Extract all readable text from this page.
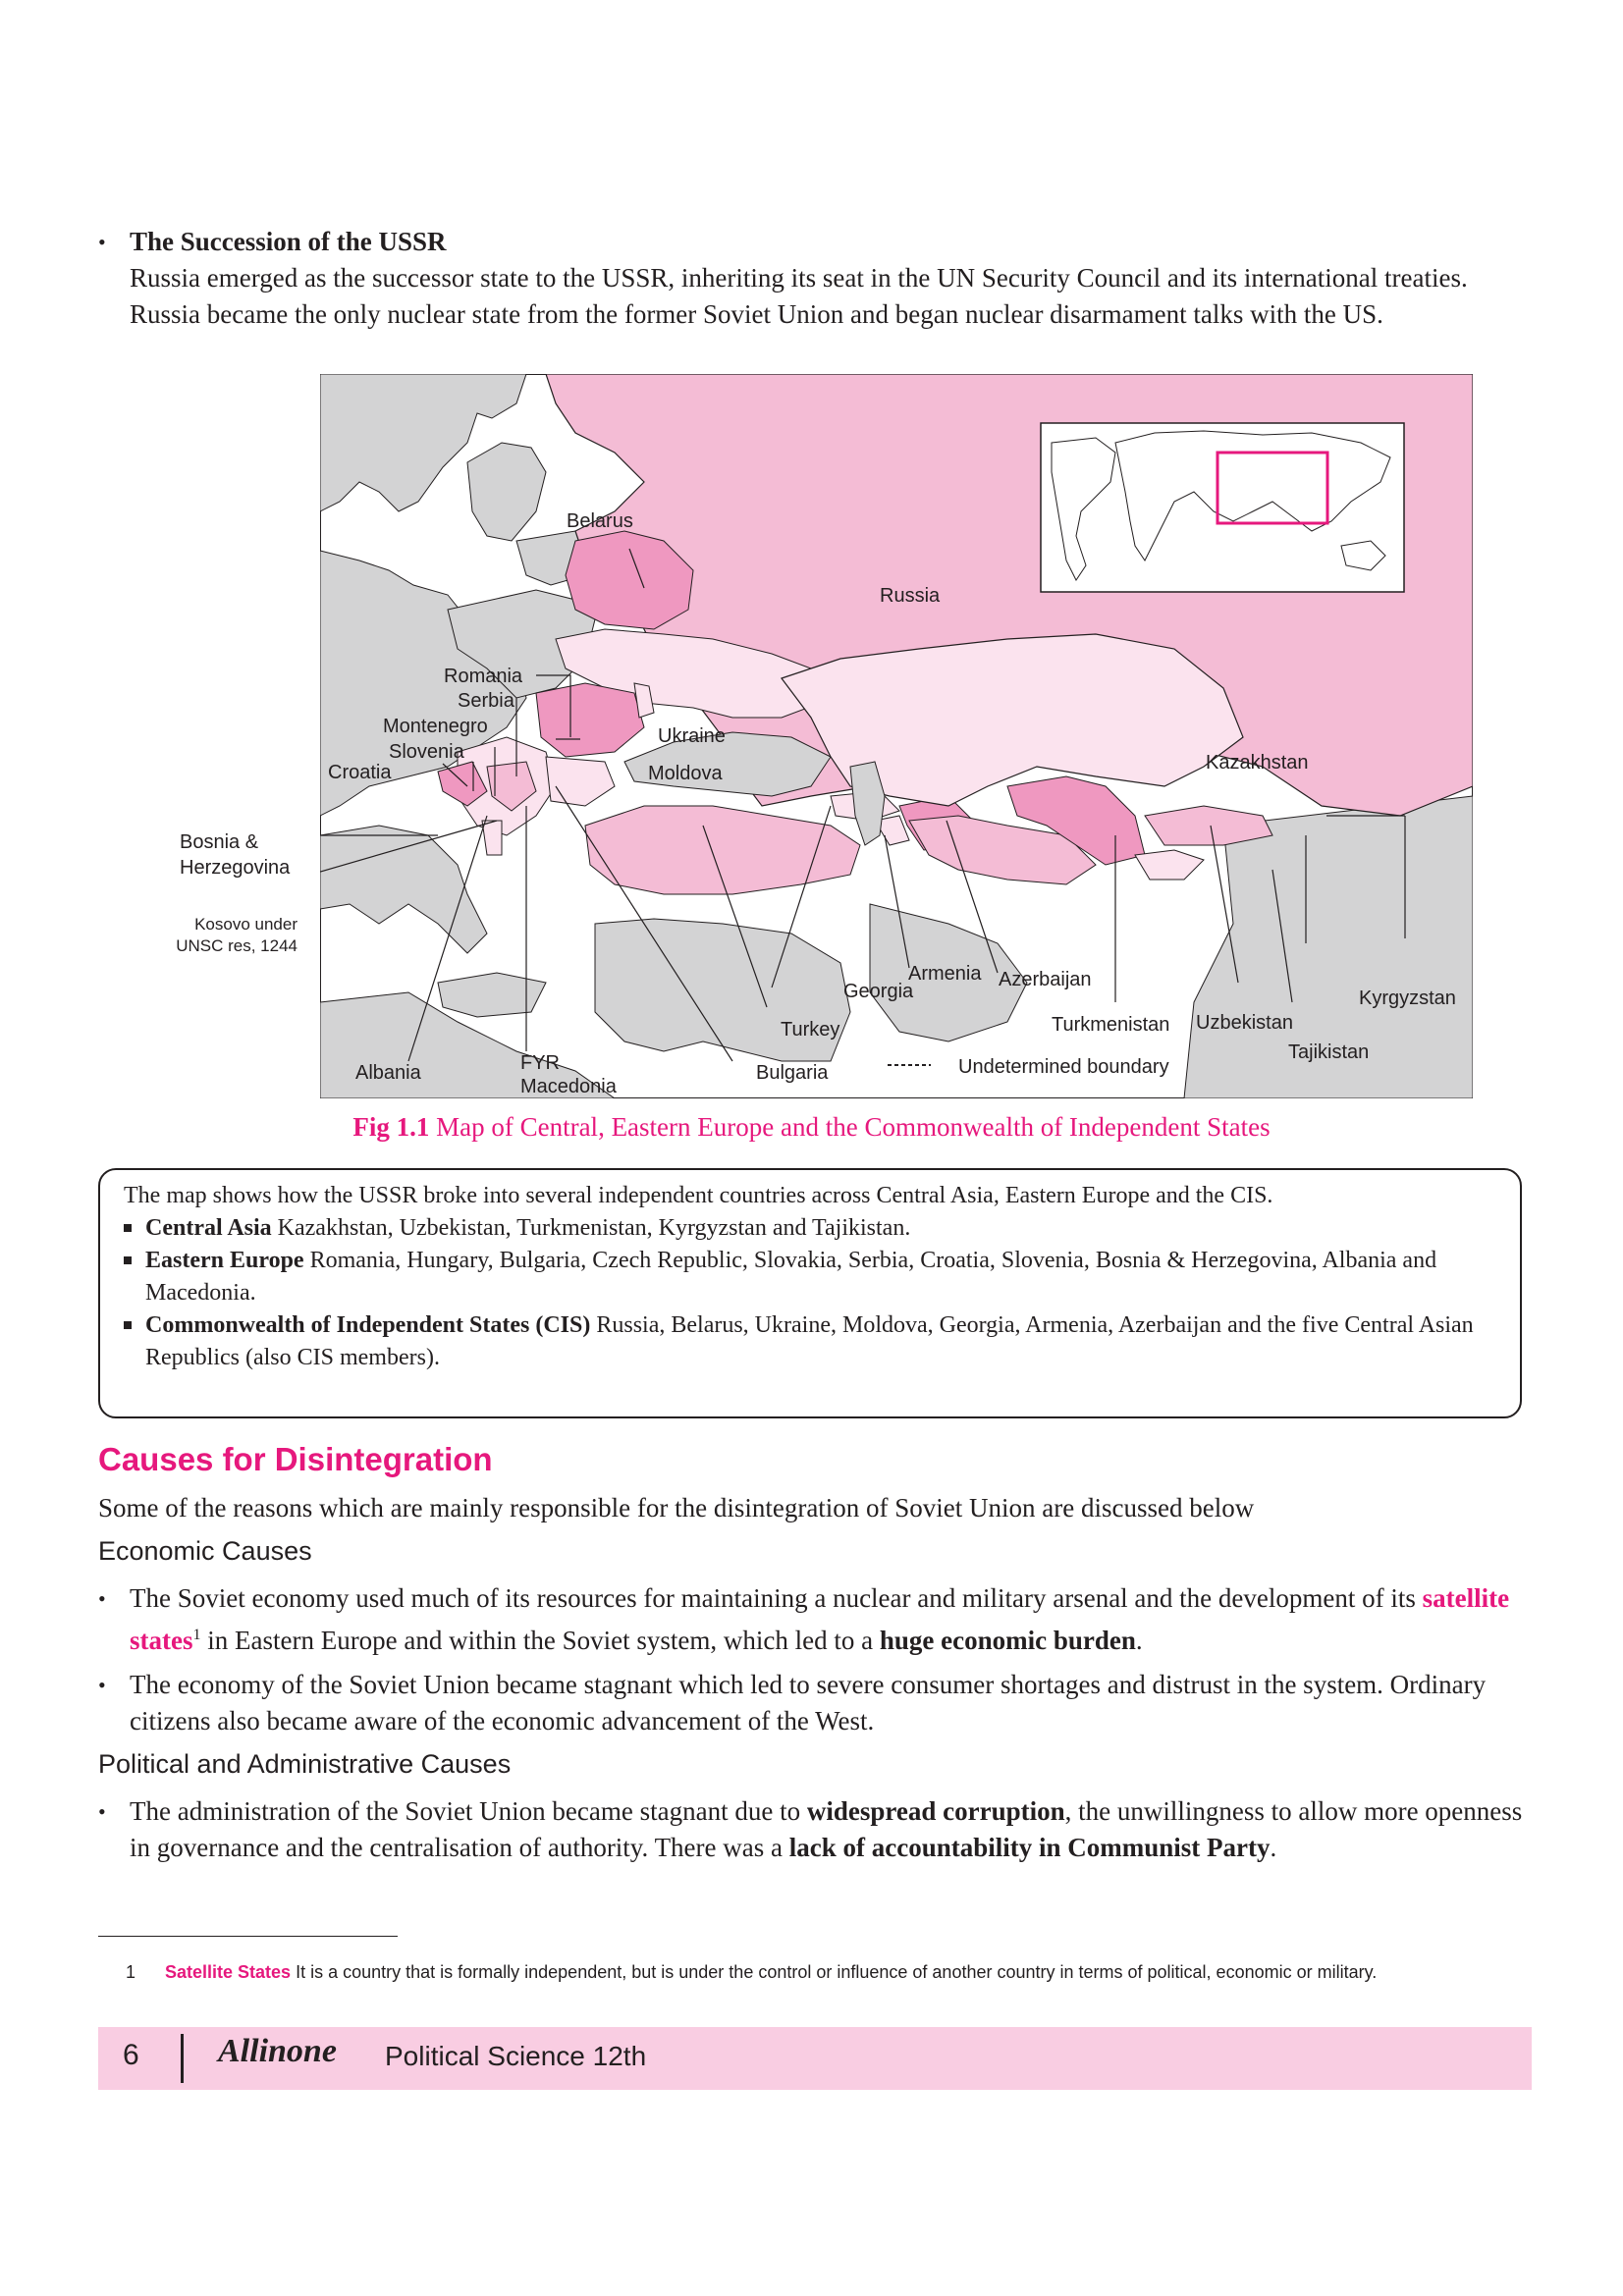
• The Succession of the USSR
Russia emerged as the successor state to the USSR, inheriting its seat in the UN Security Council and its international treaties. Russia became the only nuclear state from the former Soviet Union and began nuclear disarmament talks with the US.
Belarus
Russia
Romania
Serbia
Montenegro
Slovenia
Croatia
Ukraine
Moldova	Kazakhstan
Armenia Azerbaijan
Georgia
Turkey	Turkmenistan Uzbekistan
Kyrgyzstan
Tajikistan
Albania	FYR
Macedonia
Bulgaria	Undetermined boundary
Bosnia &
Herzegovina
Kosovo under
UNSC res, 1244
Fig 1.1 Map of Central, Eastern Europe and the Commonwealth of Independent States
The map shows how the USSR broke into several independent countries across Central Asia, Eastern Europe and the CIS.
Central Asia Kazakhstan, Uzbekistan, Turkmenistan, Kyrgyzstan and Tajikistan.
Eastern Europe Romania, Hungary, Bulgaria, Czech Republic, Slovakia, Serbia, Croatia, Slovenia, Bosnia & Herzegovina, Albania and Macedonia.
Commonwealth of Independent States (CIS) Russia, Belarus, Ukraine, Moldova, Georgia, Armenia, Azerbaijan and the five Central Asian Republics (also CIS members).
Causes for Disintegration
Some of the reasons which are mainly responsible for the disintegration of Soviet Union are discussed below
Economic Causes
• The Soviet economy used much of its resources for maintaining a nuclear and military arsenal and the development of its satellite states$^1$ in Eastern Europe and within the Soviet system, which led to a huge economic burden.
• The economy of the Soviet Union became stagnant which led to severe consumer shortages and distrust in the system. Ordinary citizens also became aware of the economic advancement of the West.
Political and Administrative Causes
• The administration of the Soviet Union became stagnant due to widespread corruption, the unwillingness to allow more openness in governance and the centralisation of authority. There was a lack of accountability in Communist Party.
1 Satellite States It is a country that is formally independent, but is under the control or influence of another country in terms of political, economic or military.
6 Allinone Political Science 12th
